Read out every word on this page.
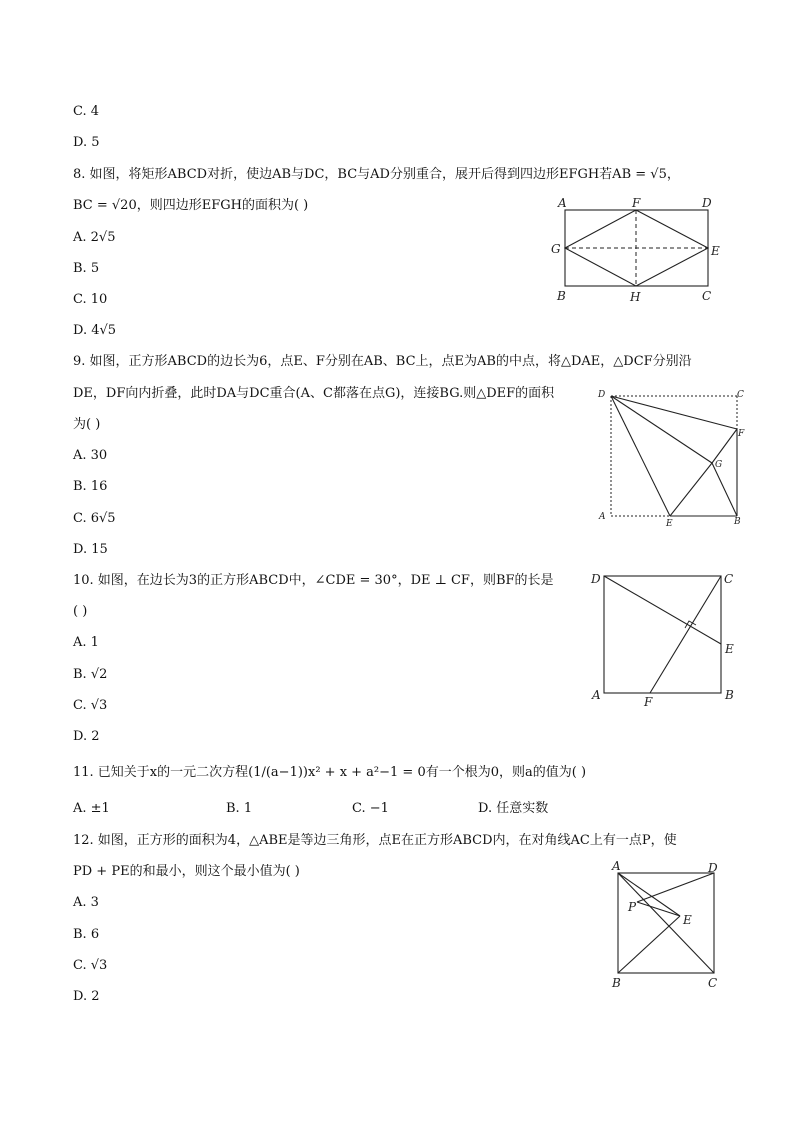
C. 4
D. 5
8. 如图，将矩形ABCD对折，使边AB与DC，BC与AD分别重合，展开后得到四边形EFGH若AB = √5，
BC = √20，则四边形EFGH的面积为( )
A. 2√5
B. 5
C. 10
D. 4√5
A	F	D
G	E
B	H	C
9. 如图，正方形ABCD的边长为6，点E、F分别在AB、BC上，点E为AB的中点，将△DAE，△DCF分别沿
DE，DF向内折叠，此时DA与DC重合(A、C都落在点G)，连接BG.则△DEF的面积
为( )
A. 30
B. 16
C. 6√5
D. 15
D	C
F
G
A
E	B
10. 如图，在边长为3的正方形ABCD中，∠CDE = 30°，DE ⊥ CF，则BF的长是
( )
A. 1
B. √2
C. √3
D. 2
D	C
E
A	F	B
11. 已知关于x的一元二次方程(1/(a−1))x² + x + a²−1 = 0有一个根为0，则a的值为( )
A. ±1	B. 1	C. −1	D. 任意实数
12. 如图，正方形的面积为4，△ABE是等边三角形，点E在正方形ABCD内，在对角线AC上有一点P，使
PD + PE的和最小，则这个最小值为( )
A. 3
B. 6
C. √3
D. 2
A	D
P
E
B	C
